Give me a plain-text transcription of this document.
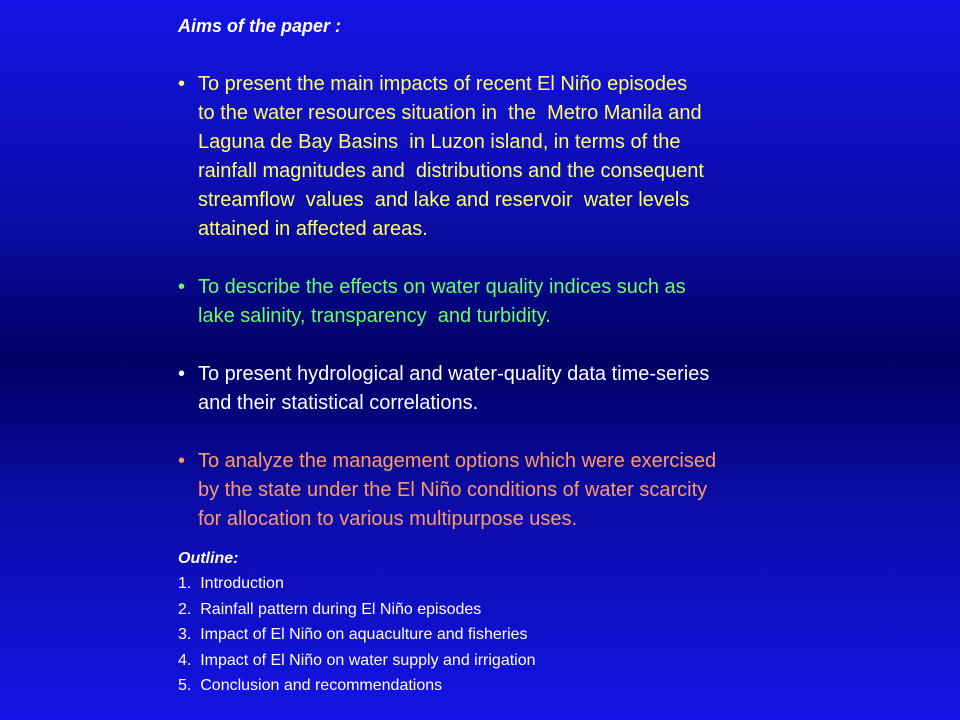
Aims of the paper :
• To present the main impacts of recent El Niño episodes
to the water resources situation in  the  Metro Manila and
Laguna de Bay Basins  in Luzon island, in terms of the
rainfall magnitudes and  distributions and the consequent
streamflow  values  and lake and reservoir  water levels
attained in affected areas.
• To describe the effects on water quality indices such as
lake salinity, transparency  and turbidity.
• To present hydrological and water-quality data time-series
and their statistical correlations.
• To analyze the management options which were exercised
by the state under the El Niño conditions of water scarcity
for allocation to various multipurpose uses.
Outline:
1.  Introduction
2.  Rainfall pattern during El Niño episodes
3.  Impact of El Niño on aquaculture and fisheries
4.  Impact of El Niño on water supply and irrigation
5.  Conclusion and recommendations
